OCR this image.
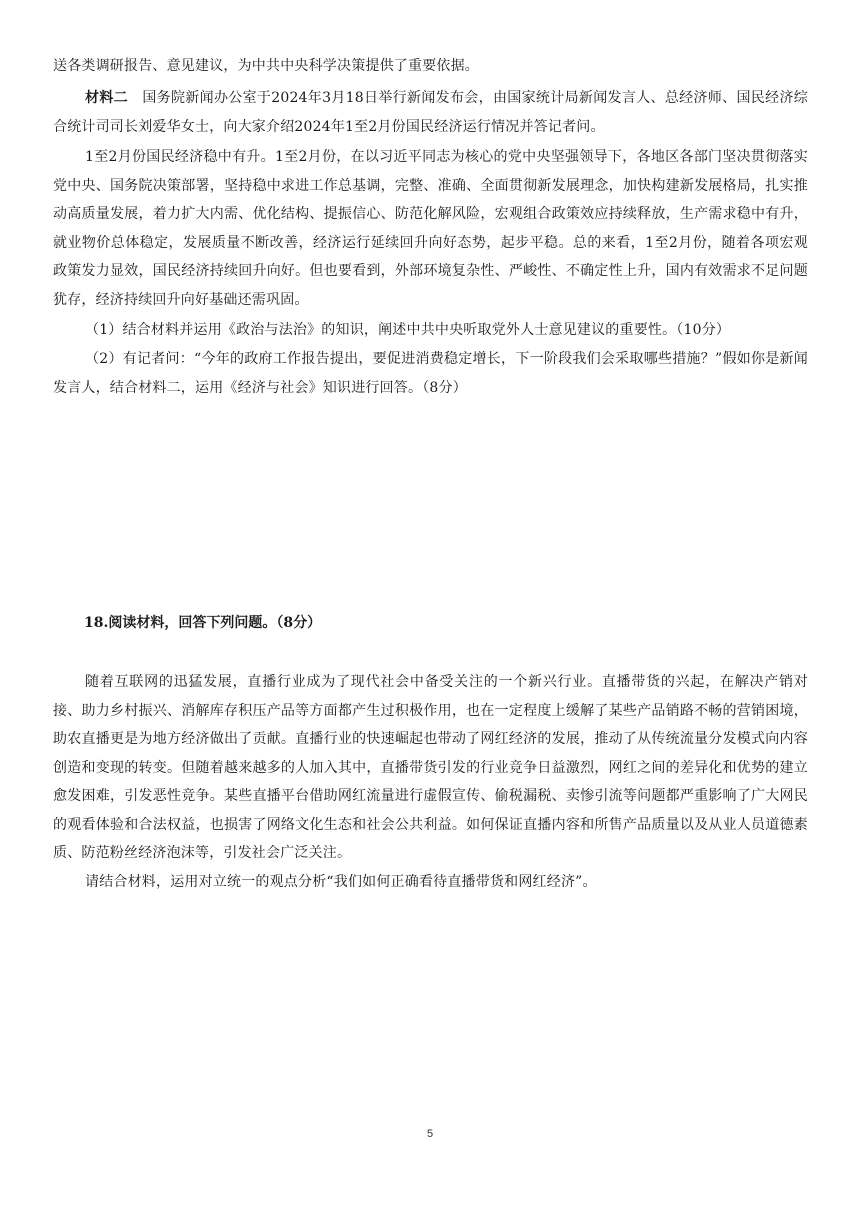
送各类调研报告、意见建议，为中共中央科学决策提供了重要依据。

材料二　 国务院新闻办公室于2024年3月18日举行新闻发布会，由国家统计局新闻发言人、总经济师、国民经济综合统计司司长刘爱华女士，向大家介绍2024年1至2月份国民经济运行情况并答记者问。

1至2月份国民经济稳中有升。1至2月份，在以习近平同志为核心的党中央坚强领导下，各地区各部门坚决贯彻落实党中央、国务院决策部署，坚持稳中求进工作总基调，完整、准确、全面贯彻新发展理念，加快构建新发展格局，扎实推动高质量发展，着力扩大内需、优化结构、提振信心、防范化解风险，宏观组合政策效应持续释放，生产需求稳中有升，就业物价总体稳定，发展质量不断改善，经济运行延续回升向好态势，起步平稳。总的来看，1至2月份，随着各项宏观政策发力显效，国民经济持续回升向好。但也要看到，外部环境复杂性、严峻性、不确定性上升，国内有效需求不足问题犹存，经济持续回升向好基础还需巩固。

（1）结合材料并运用《政治与法治》的知识，阐述中共中央听取党外人士意见建议的重要性。（10分）

（2）有记者问：“今年的政府工作报告提出，要促进消费稳定增长，下一阶段我们会采取哪些措施？”假如你是新闻发言人，结合材料二，运用《经济与社会》知识进行回答。（8分）

18.阅读材料，回答下列问题。（8分）

随着互联网的迅猛发展，直播行业成为了现代社会中备受关注的一个新兴行业。直播带货的兴起，在解决产销对接、助力乡村振兴、消解库存积压产品等方面都产生过积极作用，也在一定程度上缓解了某些产品销路不畅的营销困境，助农直播更是为地方经济做出了贡献。直播行业的快速崛起也带动了网红经济的发展，推动了从传统流量分发模式向内容创造和变现的转变。但随着越来越多的人加入其中，直播带货引发的行业竞争日益激烈，网红之间的差异化和优势的建立愈发困难，引发恶性竞争。某些直播平台借助网红流量进行虚假宣传、偷税漏税、卖惨引流等问题都严重影响了广大网民的观看体验和合法权益，也损害了网络文化生态和社会公共利益。如何保证直播内容和所售产品质量以及从业人员道德素质、防范粉丝经济泡沫等，引发社会广泛关注。

请结合材料，运用对立统一的观点分析“我们如何正确看待直播带货和网红经济”。

5
